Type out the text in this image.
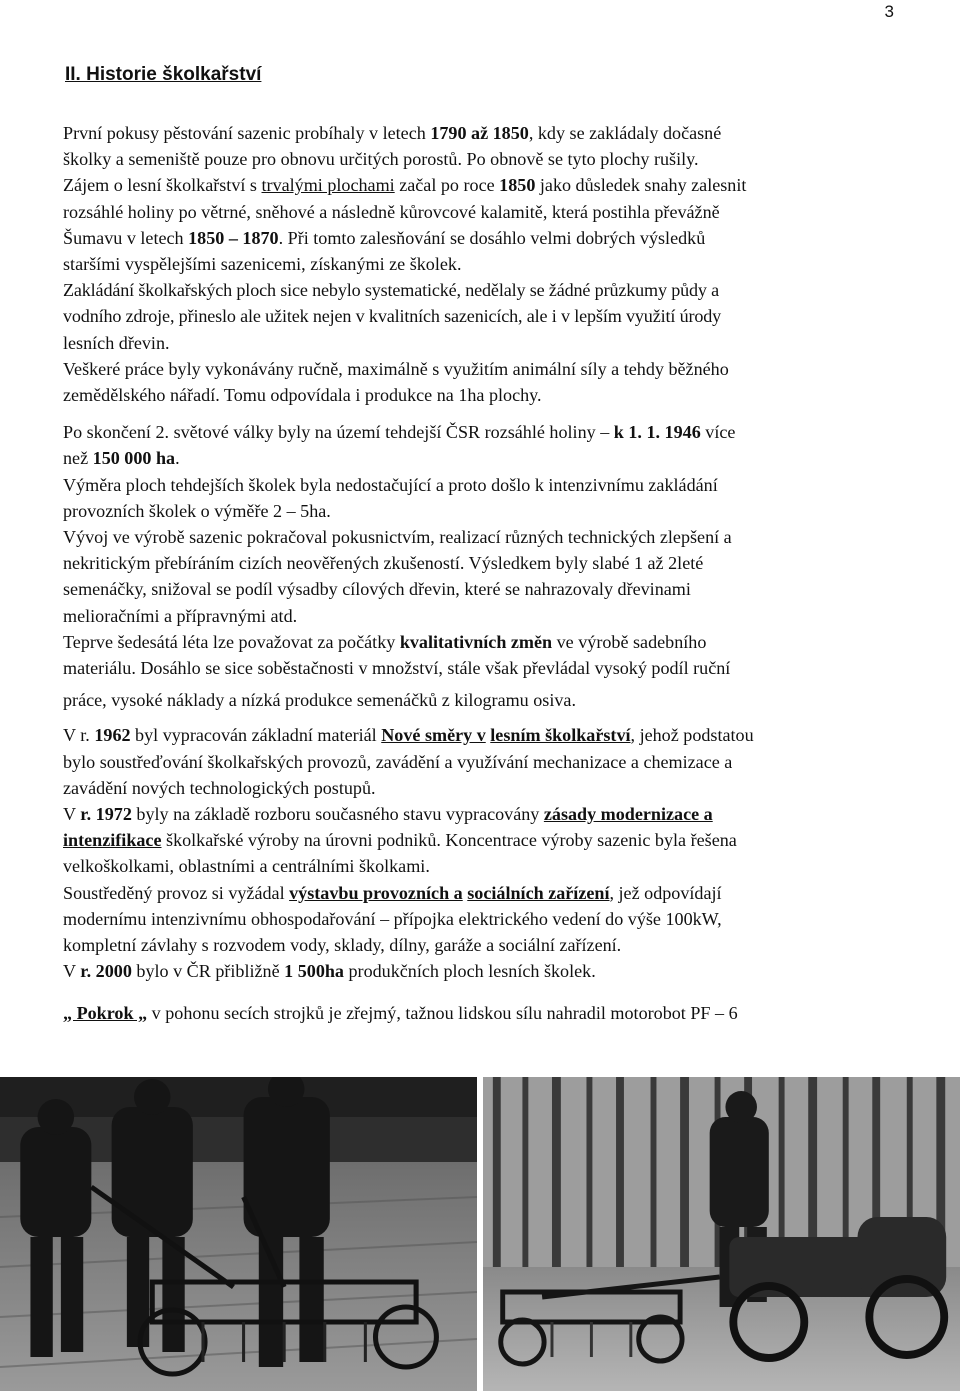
3
II. Historie školkařství

První pokusy pěstování sazenic probíhaly v letech 1790 až 1850, kdy se zakládaly dočasné
školky a semeniště pouze pro obnovu určitých porostů. Po obnově se tyto plochy rušily.
Zájem o lesní školkařství s trvalými plochami začal po roce 1850 jako důsledek snahy zalesnit
rozsáhlé holiny po větrné, sněhové a následně kůrovcové kalamitě, která postihla převážně
Šumavu v letech 1850 – 1870. Při tomto zalesňování se dosáhlo velmi dobrých výsledků
staršími vyspělejšími sazenicemi, získanými ze školek.

Zakládání školkařských ploch sice nebylo systematické, nedělaly se žádné průzkumy půdy a
vodního zdroje, přineslo ale užitek nejen v kvalitních sazenicích, ale i v lepším využití úrody
lesních dřevin.

Veškeré práce byly vykonávány ručně, maximálně s využitím animální síly a tehdy běžného
zemědělského nářadí. Tomu odpovídala i produkce na 1ha plochy.

Po skončení 2. světové války byly na území tehdejší ČSR rozsáhlé holiny – k 1. 1. 1946 více
než 150 000 ha.

Výměra ploch tehdejších školek byla nedostačující a proto došlo k intenzivnímu zakládání
provozních školek o výměře 2 – 5ha.

Vývoj ve výrobě sazenic pokračoval pokusnictvím, realizací různých technických zlepšení a
nekritickým přebíráním cizích neověřených zkušeností. Výsledkem byly slabé 1 až 2leté
semenáčky, snižoval se podíl výsadby cílových dřevin, které se nahrazovaly dřevinami
melioračními a přípravnými atd.

Teprve šedesátá léta lze považovat za počátky kvalitativních změn ve výrobě sadebního
materiálu. Dosáhlo se sice soběstačnosti v množství, stále však převládal vysoký podíl ruční
práce, vysoké náklady a nízká produkce semenáčků z kilogramu osiva.

V r. 1962 byl vypracován základní materiál Nové směry v lesním školkařství, jehož podstatou
bylo soustřeďování školkařských provozů, zavádění a využívání mechanizace a chemizace a
zavádění nových technologických postupů.

V r. 1972 byly na základě rozboru současného stavu vypracovány zásady modernizace a
intenzifikace školkařské výroby na úrovni podniků. Koncentrace výroby sazenic byla řešena
velkoškolkami, oblastními a centrálními školkami.

Soustředěný provoz si vyžádal výstavbu provozních a sociálních zařízení, jež odpovídají
modernímu intenzivnímu obhospodařování – přípojka elektrického vedení do výše 100kW,
kompletní závlahy s rozvodem vody, sklady, dílny, garáže a sociální zařízení.
V r. 2000 bylo v ČR přibližně 1 500ha produkčních ploch lesních školek.

„ Pokrok „ v pohonu secích strojků je zřejmý, tažnou lidskou sílu nahradil motorobot PF – 6
